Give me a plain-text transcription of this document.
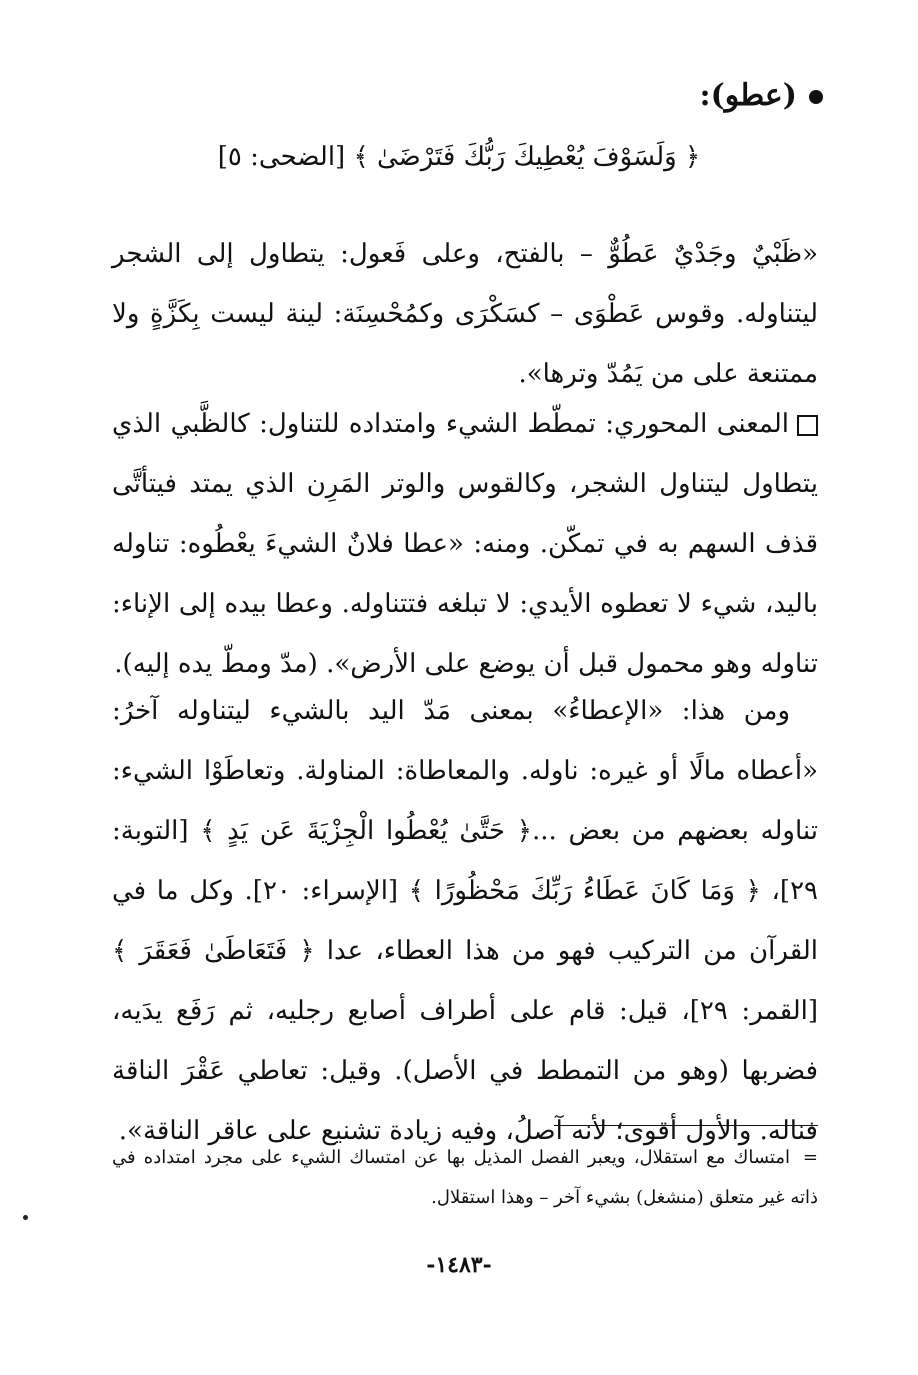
(عطو):
﴿ وَلَسَوْفَ يُعْطِيكَ رَبُّكَ فَتَرْضَىٰ ﴾ [الضحى: ٥]

«ظَبْيٌ وجَدْيٌ عَطُوٌّ – بالفتح، وعلى فَعول: يتطاول إلى الشجر ليتناوله. وقوس عَطْوَى – كسَكْرَى وكمُحْسِنَة: لينة ليست بِكَزَّةٍ ولا ممتنعة على من يَمُدّ وترها».

المعنى المحوري: تمطّط الشيء وامتداده للتناول: كالظَّبي الذي يتطاول ليتناول الشجر، وكالقوس والوتر المَرِن الذي يمتد فيتأتَّى قذف السهم به في تمكّن. ومنه: «عطا فلانٌ الشيءَ يعْطُوه: تناوله باليد، شيء لا تعطوه الأيدي: لا تبلغه فتتناوله. وعطا بيده إلى الإناء: تناوله وهو محمول قبل أن يوضع على الأرض». (مدّ ومطّ يده إليه).

ومن هذا: «الإعطاءُ» بمعنى مَدّ اليد بالشيء ليتناوله آخرُ: «أعطاه مالًا أو غيره: ناوله. والمعاطاة: المناولة. وتعاطَوْا الشيء: تناوله بعضهم من بعض ...﴿ حَتَّىٰ يُعْطُوا الْجِزْيَةَ عَن يَدٍ ﴾ [التوبة: ٢٩]، ﴿ وَمَا كَانَ عَطَاءُ رَبِّكَ مَحْظُورًا ﴾ [الإسراء: ٢٠]. وكل ما في القرآن من التركيب فهو من هذا العطاء، عدا ﴿ فَتَعَاطَىٰ فَعَقَرَ ﴾ [القمر: ٢٩]، قيل: قام على أطراف أصابع رجليه، ثم رَفَع يدَيه، فضربها (وهو من التمطط في الأصل). وقيل: تعاطي عَقْرَ الناقة فناله. والأول أقوى؛ لأنه آصلُ، وفيه زيادة تشنيع على عاقر الناقة».

=امتساك مع استقلال، ويعبر الفصل المذيل بها عن امتساك الشيء على مجرد امتداده في ذاته غير متعلق (منشغل) بشيء آخر – وهذا استقلال.
-١٤٨٣-
